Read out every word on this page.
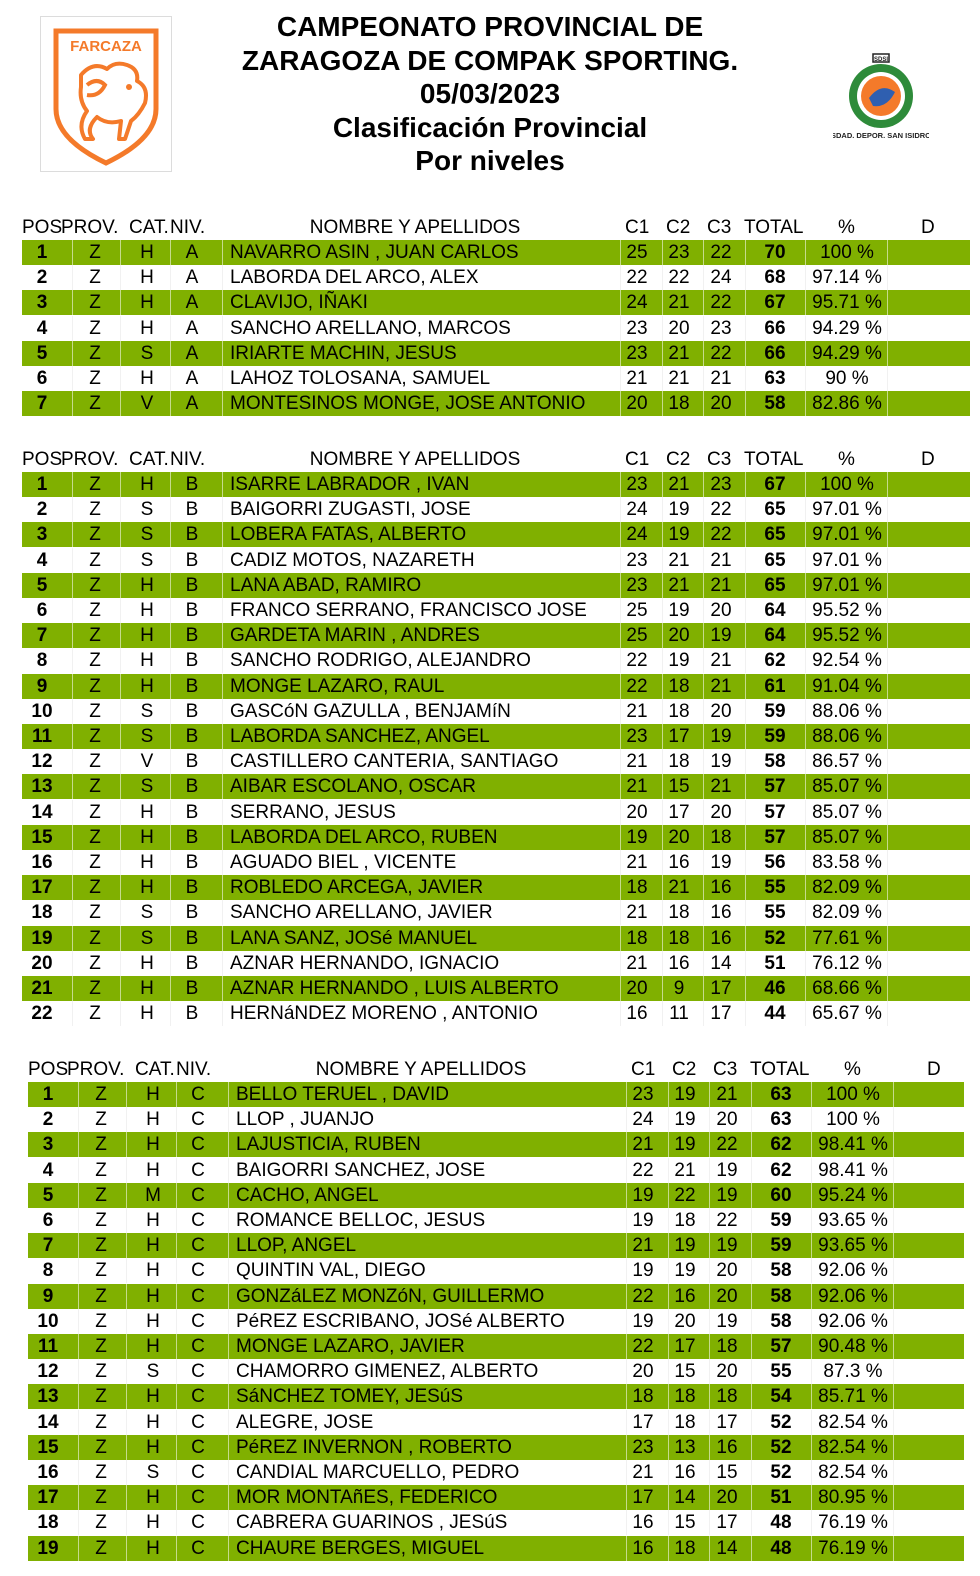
FARCAZA
CAMPEONATO PROVINCIAL DE
ZARAGOZA DE COMPAK SPORTING.
05/03/2023
Clasificación Provincial
Por niveles
SDSI
SDAD. DEPOR. SAN ISIDRO
POS
PROV. CAT. NIV.	NOMBRE Y APELLIDOS	C1 C2 C3 TOTAL %	D
1	Z	H	A	NAVARRO ASIN , JUAN CARLOS	25	23	22	70	100 %
2	Z	H	A	LABORDA DEL ARCO, ALEX	22	22	24	68	97.14 %
3	Z	H	A	CLAVIJO, IÑAKI	24	21	22	67	95.71 %
4	Z	H	A	SANCHO ARELLANO, MARCOS	23	20	23	66	94.29 %
5	Z	S	A	IRIARTE MACHIN, JESUS	23	21	22	66	94.29 %
6	Z	H	A	LAHOZ TOLOSANA, SAMUEL	21	21	21	63	90 %
7	Z	V	A	MONTESINOS MONGE, JOSE ANTONIO	20	18	20	58	82.86 %
POS
PROV. CAT. NIV.	NOMBRE Y APELLIDOS	C1 C2 C3 TOTAL %	D
1	Z	H	B	ISARRE LABRADOR , IVAN	23	21	23	67	100 %
2	Z	S	B	BAIGORRI ZUGASTI, JOSE	24	19	22	65	97.01 %
3	Z	S	B	LOBERA FATAS, ALBERTO	24	19	22	65	97.01 %
4	Z	S	B	CADIZ MOTOS, NAZARETH	23	21	21	65	97.01 %
5	Z	H	B	LANA ABAD, RAMIRO	23	21	21	65	97.01 %
6	Z	H	B	FRANCO SERRANO, FRANCISCO JOSE	25	19	20	64	95.52 %
7	Z	H	B	GARDETA MARIN , ANDRES	25	20	19	64	95.52 %
8	Z	H	B	SANCHO RODRIGO, ALEJANDRO	22	19	21	62	92.54 %
9	Z	H	B	MONGE LAZARO, RAUL	22	18	21	61	91.04 %
10	Z	S	B	GASCóN GAZULLA , BENJAMíN	21	18	20	59	88.06 %
11	Z	S	B	LABORDA SANCHEZ, ANGEL	23	17	19	59	88.06 %
12	Z	V	B	CASTILLERO CANTERIA, SANTIAGO	21	18	19	58	86.57 %
13	Z	S	B	AIBAR ESCOLANO, OSCAR	21	15	21	57	85.07 %
14	Z	H	B	SERRANO, JESUS	20	17	20	57	85.07 %
15	Z	H	B	LABORDA DEL ARCO, RUBEN	19	20	18	57	85.07 %
16	Z	H	B	AGUADO BIEL , VICENTE	21	16	19	56	83.58 %
17	Z	H	B	ROBLEDO ARCEGA, JAVIER	18	21	16	55	82.09 %
18	Z	S	B	SANCHO ARELLANO, JAVIER	21	18	16	55	82.09 %
19	Z	S	B	LANA SANZ, JOSé MANUEL	18	18	16	52	77.61 %
20	Z	H	B	AZNAR HERNANDO, IGNACIO	21	16	14	51	76.12 %
21	Z	H	B	AZNAR HERNANDO , LUIS ALBERTO	20	9	17	46	68.66 %
22	Z	H	B	HERNáNDEZ MORENO , ANTONIO	16	11	17	44	65.67 %
POS
PROV. CAT. NIV.	NOMBRE Y APELLIDOS	C1 C2 C3 TOTAL %	D
1	Z	H	C	BELLO TERUEL , DAVID	23	19	21	63	100 %
2	Z	H	C	LLOP , JUANJO	24	19	20	63	100 %
3	Z	H	C	LAJUSTICIA, RUBEN	21	19	22	62	98.41 %
4	Z	H	C	BAIGORRI SANCHEZ, JOSE	22	21	19	62	98.41 %
5	Z	M	C	CACHO, ANGEL	19	22	19	60	95.24 %
6	Z	H	C	ROMANCE BELLOC, JESUS	19	18	22	59	93.65 %
7	Z	H	C	LLOP, ANGEL	21	19	19	59	93.65 %
8	Z	H	C	QUINTIN VAL, DIEGO	19	19	20	58	92.06 %
9	Z	H	C	GONZáLEZ MONZóN, GUILLERMO	22	16	20	58	92.06 %
10	Z	H	C	PéREZ ESCRIBANO, JOSé ALBERTO	19	20	19	58	92.06 %
11	Z	H	C	MONGE LAZARO, JAVIER	22	17	18	57	90.48 %
12	Z	S	C	CHAMORRO GIMENEZ, ALBERTO	20	15	20	55	87.3 %
13	Z	H	C	SáNCHEZ TOMEY, JESúS	18	18	18	54	85.71 %
14	Z	H	C	ALEGRE, JOSE	17	18	17	52	82.54 %
15	Z	H	C	PéREZ INVERNON , ROBERTO	23	13	16	52	82.54 %
16	Z	S	C	CANDIAL MARCUELLO, PEDRO	21	16	15	52	82.54 %
17	Z	H	C	MOR MONTAñES, FEDERICO	17	14	20	51	80.95 %
18	Z	H	C	CABRERA GUARINOS , JESúS	16	15	17	48	76.19 %
19	Z	H	C	CHAURE BERGES, MIGUEL	16	18	14	48	76.19 %
